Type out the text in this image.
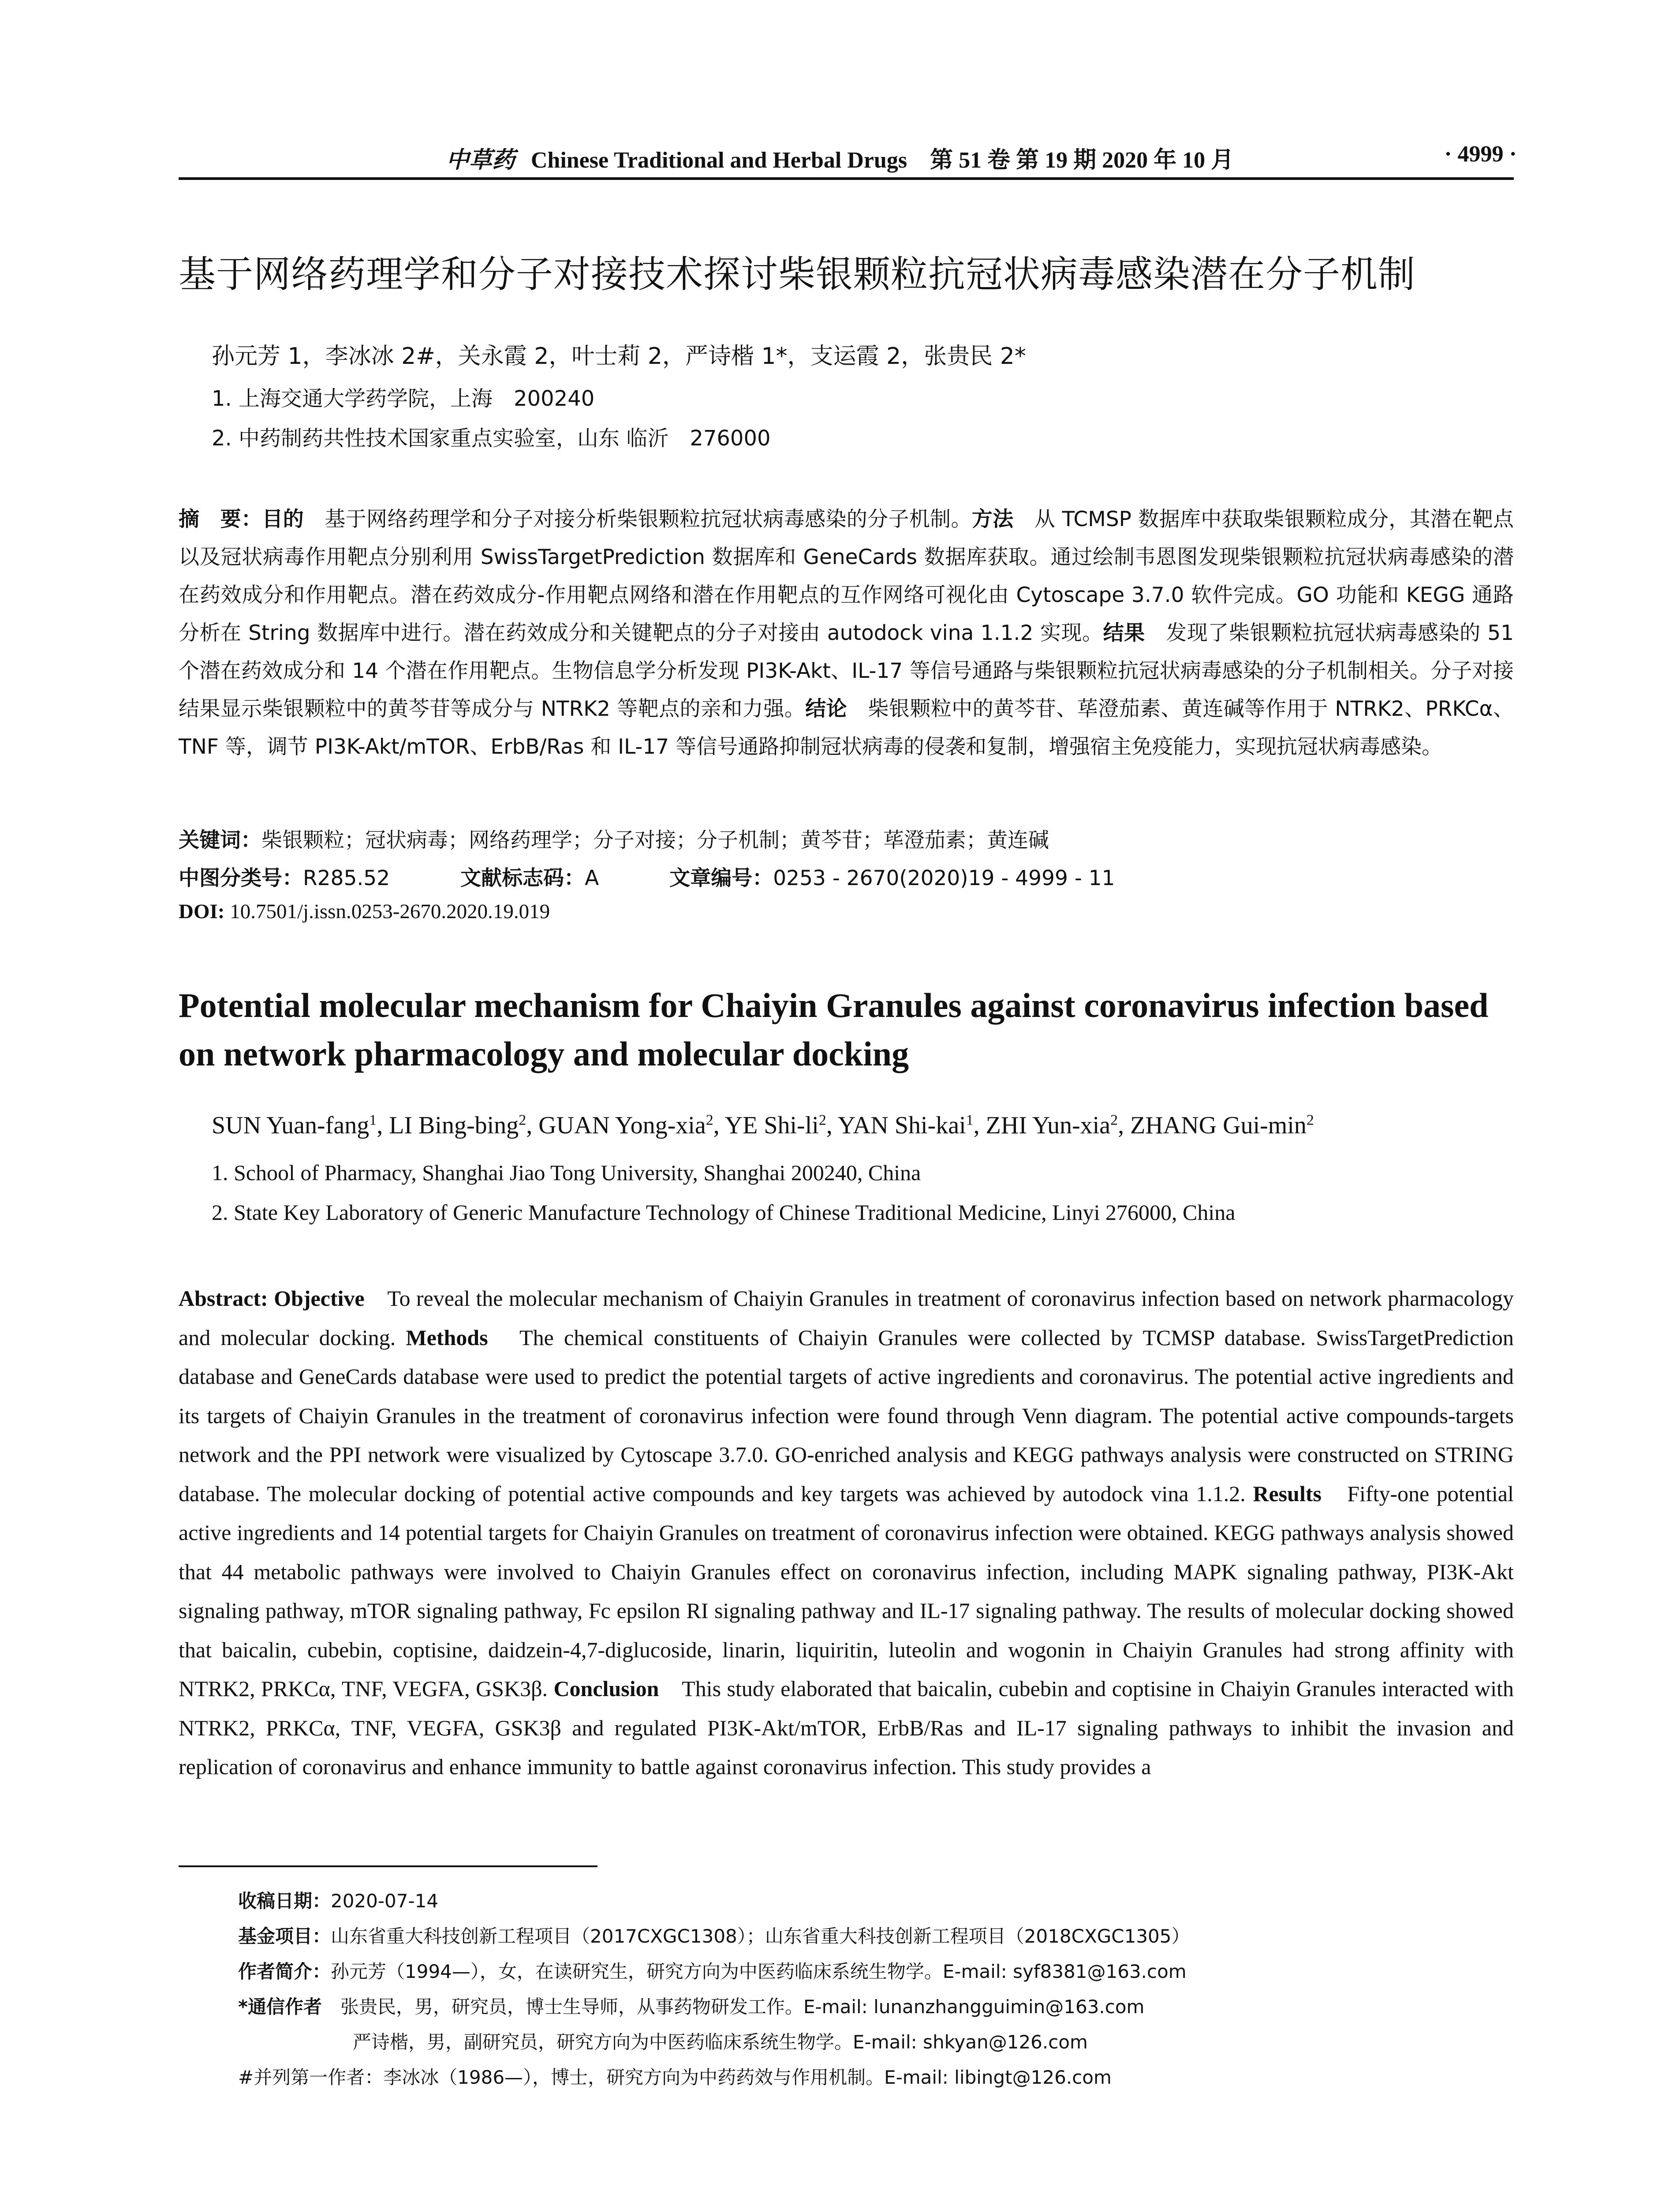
中草药 Chinese Traditional and Herbal Drugs　第 51 卷 第 19 期 2020 年 10 月	· 4999 ·
基于网络药理学和分子对接技术探讨柴银颗粒抗冠状病毒感染潜在分子机制
孙元芳 1，李冰冰 2#，关永霞 2，叶士莉 2，严诗楷 1*，支运霞 2，张贵民 2*
1. 上海交通大学药学院，上海　200240
2. 中药制药共性技术国家重点实验室，山东 临沂　276000
摘　要：目的　基于网络药理学和分子对接分析柴银颗粒抗冠状病毒感染的分子机制。方法　从 TCMSP 数据库中获取柴银颗粒成分，其潜在靶点以及冠状病毒作用靶点分别利用 SwissTargetPrediction 数据库和 GeneCards 数据库获取。通过绘制韦恩图发现柴银颗粒抗冠状病毒感染的潜在药效成分和作用靶点。潜在药效成分-作用靶点网络和潜在作用靶点的互作网络可视化由 Cytoscape 3.7.0 软件完成。GO 功能和 KEGG 通路分析在 String 数据库中进行。潜在药效成分和关键靶点的分子对接由 autodock vina 1.1.2 实现。结果　发现了柴银颗粒抗冠状病毒感染的 51 个潜在药效成分和 14 个潜在作用靶点。生物信息学分析发现 PI3K-Akt、IL-17 等信号通路与柴银颗粒抗冠状病毒感染的分子机制相关。分子对接结果显示柴银颗粒中的黄芩苷等成分与 NTRK2 等靶点的亲和力强。结论　柴银颗粒中的黄芩苷、荜澄茄素、黄连碱等作用于 NTRK2、PRKCα、TNF 等，调节 PI3K-Akt/mTOR、ErbB/Ras 和 IL-17 等信号通路抑制冠状病毒的侵袭和复制，增强宿主免疫能力，实现抗冠状病毒感染。
关键词：柴银颗粒；冠状病毒；网络药理学；分子对接；分子机制；黄芩苷；荜澄茄素；黄连碱
中图分类号：R285.52	文献标志码：A	文章编号：0253 - 2670(2020)19 - 4999 - 11
DOI: 10.7501/j.issn.0253-2670.2020.19.019
Potential molecular mechanism for Chaiyin Granules against coronavirus infection based on network pharmacology and molecular docking
SUN Yuan-fang$^1$, LI Bing-bing$^2$, GUAN Yong-xia$^2$, YE Shi-$li^2$, YAN Shi-kai$^1$, ZHI Yun-xia$^2$, ZHANG Gui-$\min^2$
1. School of Pharmacy, Shanghai Jiao Tong University, Shanghai 200240, China
2. State Key Laboratory of Generic Manufacture Technology of Chinese Traditional Medicine, Linyi 276000, China
Abstract: Objective　To reveal the molecular mechanism of Chaiyin Granules in treatment of coronavirus infection based on network pharmacology and molecular docking. Methods　The chemical constituents of Chaiyin Granules were collected by TCMSP database. SwissTargetPrediction database and GeneCards database were used to predict the potential targets of active ingredients and coronavirus. The potential active ingredients and its targets of Chaiyin Granules in the treatment of coronavirus infection were found through Venn diagram. The potential active compounds-targets network and the PPI network were visualized by Cytoscape 3.7.0. GO-enriched analysis and KEGG pathways analysis were constructed on STRING database. The molecular docking of potential active compounds and key targets was achieved by autodock vina 1.1.2. Results　Fifty-one potential active ingredients and 14 potential targets for Chaiyin Granules on treatment of coronavirus infection were obtained. KEGG pathways analysis showed that 44 metabolic pathways were involved to Chaiyin Granules effect on coronavirus infection, including MAPK signaling pathway, PI3K-Akt signaling pathway, mTOR signaling pathway, Fc epsilon RI signaling pathway and IL-17 signaling pathway. The results of molecular docking showed that baicalin, cubebin, coptisine, daidzein-4,7-diglucoside, linarin, liquiritin, luteolin and wogonin in Chaiyin Granules had strong affinity with NTRK2, PRKCα, TNF, VEGFA, GSK3β. Conclusion　This study elaborated that baicalin, cubebin and coptisine in Chaiyin Granules interacted with NTRK2, PRKCα, TNF, VEGFA, GSK3β and regulated PI3K-Akt/mTOR, ErbB/Ras and IL-17 signaling pathways to inhibit the invasion and replication of coronavirus and enhance immunity to battle against coronavirus infection. This study provides a
收稿日期：2020-07-14
基金项目：山东省重大科技创新工程项目（2017CXGC1308）；山东省重大科技创新工程项目（2018CXGC1305）
作者简介：孙元芳（1994—），女，在读研究生，研究方向为中医药临床系统生物学。E-mail: syf8381@163.com
*通信作者　张贵民，男，研究员，博士生导师，从事药物研发工作。E-mail: lunanzhangguimin@163.com
严诗楷，男，副研究员，研究方向为中医药临床系统生物学。E-mail: shkyan@126.com
#并列第一作者：李冰冰（1986—），博士，研究方向为中药药效与作用机制。E-mail: libingt@126.com
